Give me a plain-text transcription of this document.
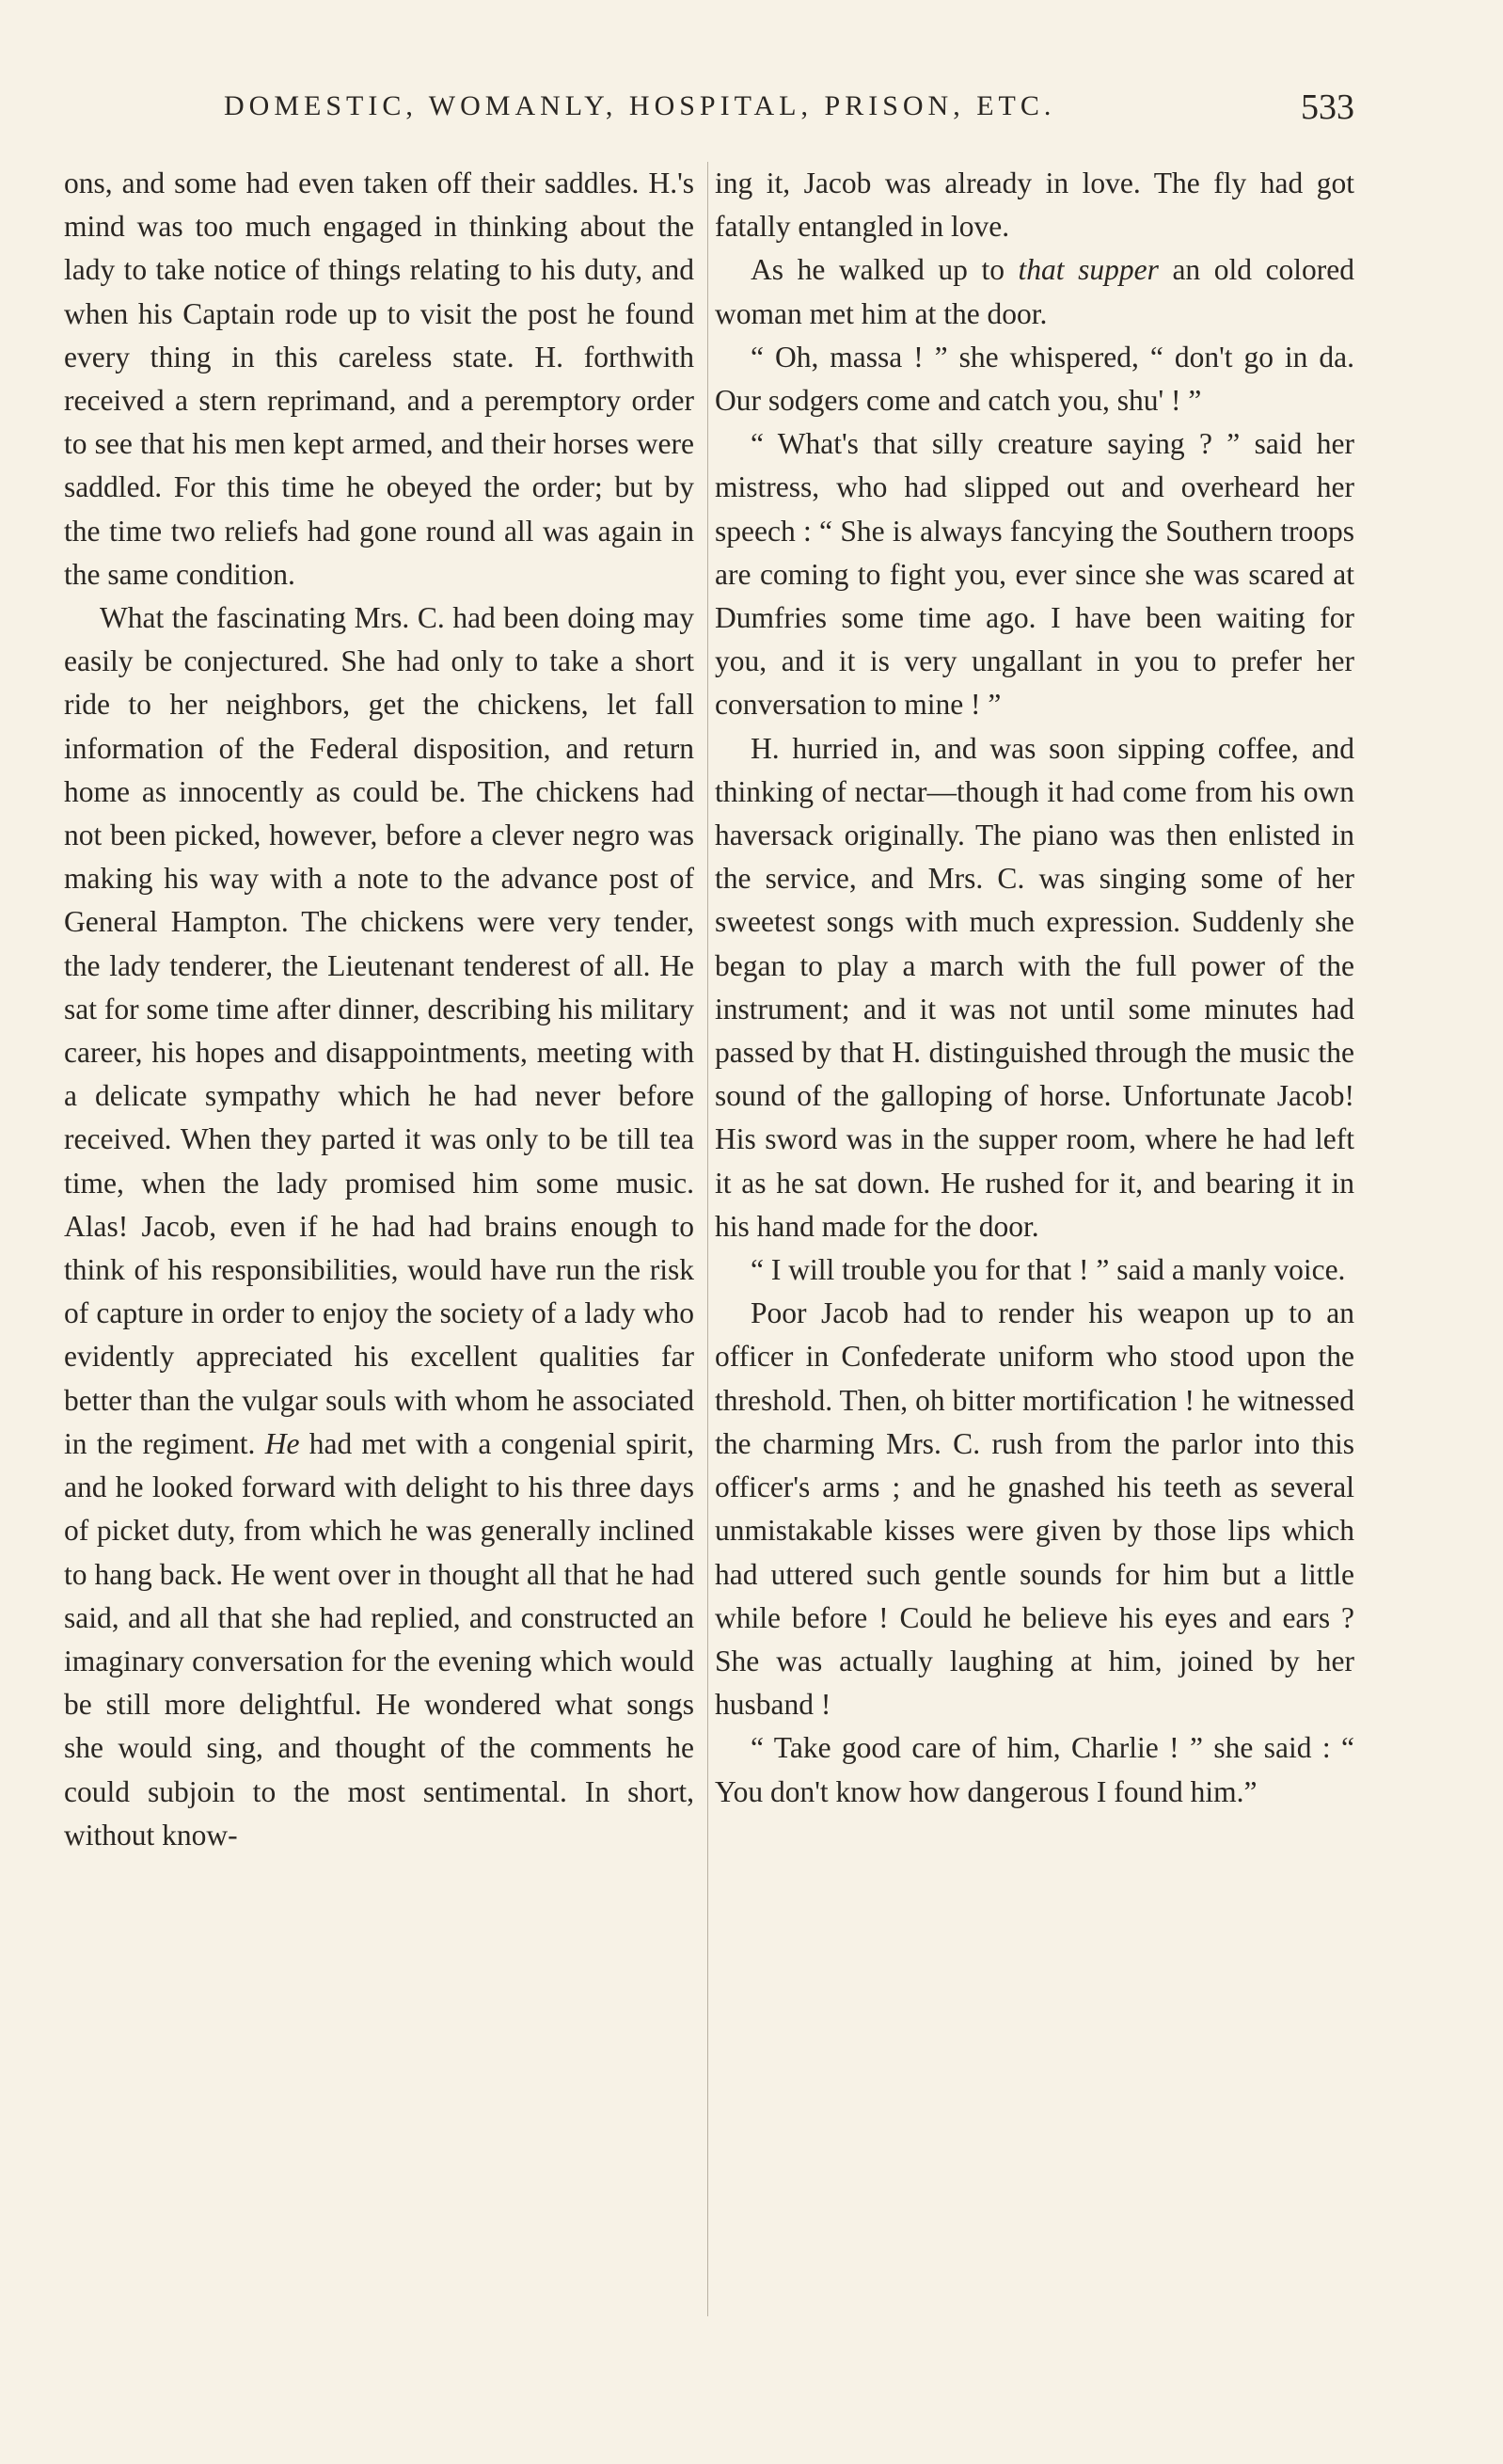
DOMESTIC, WOMANLY, HOSPITAL, PRISON, ETC.	533

ons, and some had even taken off their saddles. H.'s mind was too much engaged in thinking about the lady to take notice of things relating to his duty, and when his Captain rode up to visit the post he found every thing in this careless state. H. forthwith received a stern reprimand, and a peremptory order to see that his men kept armed, and their horses were saddled. For this time he obeyed the order; but by the time two reliefs had gone round all was again in the same condition.

What the fascinating Mrs. C. had been doing may easily be conjectured. She had only to take a short ride to her neighbors, get the chickens, let fall information of the Federal disposition, and return home as innocently as could be. The chickens had not been picked, however, before a clever negro was making his way with a note to the advance post of General Hampton. The chickens were very tender, the lady tenderer, the Lieutenant tenderest of all. He sat for some time after dinner, describing his military career, his hopes and disappointments, meeting with a delicate sympathy which he had never before received. When they parted it was only to be till tea time, when the lady promised him some music. Alas! Jacob, even if he had had brains enough to think of his responsibilities, would have run the risk of capture in order to enjoy the society of a lady who evidently appreciated his excellent qualities far better than the vulgar souls with whom he associated in the regiment. He had met with a congenial spirit, and he looked forward with delight to his three days of picket duty, from which he was generally inclined to hang back. He went over in thought all that he had said, and all that she had replied, and constructed an imaginary conversation for the evening which would be still more delightful. He wondered what songs she would sing, and thought of the comments he could subjoin to the most sentimental. In short, without know-

ing it, Jacob was already in love. The fly had got fatally entangled in love.

As he walked up to that supper an old colored woman met him at the door.

“ Oh, massa ! ” she whispered, “ don't go in da. Our sodgers come and catch you, shu' ! ”

“ What's that silly creature saying ? ” said her mistress, who had slipped out and overheard her speech : “ She is always fancying the Southern troops are coming to fight you, ever since she was scared at Dumfries some time ago. I have been waiting for you, and it is very ungallant in you to prefer her conversation to mine ! ”

H. hurried in, and was soon sipping coffee, and thinking of nectar—though it had come from his own haversack originally. The piano was then enlisted in the service, and Mrs. C. was singing some of her sweetest songs with much expression. Suddenly she began to play a march with the full power of the instrument; and it was not until some minutes had passed by that H. distinguished through the music the sound of the galloping of horse. Unfortunate Jacob! His sword was in the supper room, where he had left it as he sat down. He rushed for it, and bearing it in his hand made for the door.

“ I will trouble you for that ! ” said a manly voice.

Poor Jacob had to render his weapon up to an officer in Confederate uniform who stood upon the threshold. Then, oh bitter mortification ! he witnessed the charming Mrs. C. rush from the parlor into this officer's arms ; and he gnashed his teeth as several unmistakable kisses were given by those lips which had uttered such gentle sounds for him but a little while before ! Could he believe his eyes and ears ? She was actually laughing at him, joined by her husband !

“ Take good care of him, Charlie ! ” she said : “ You don't know how dangerous I found him.”
